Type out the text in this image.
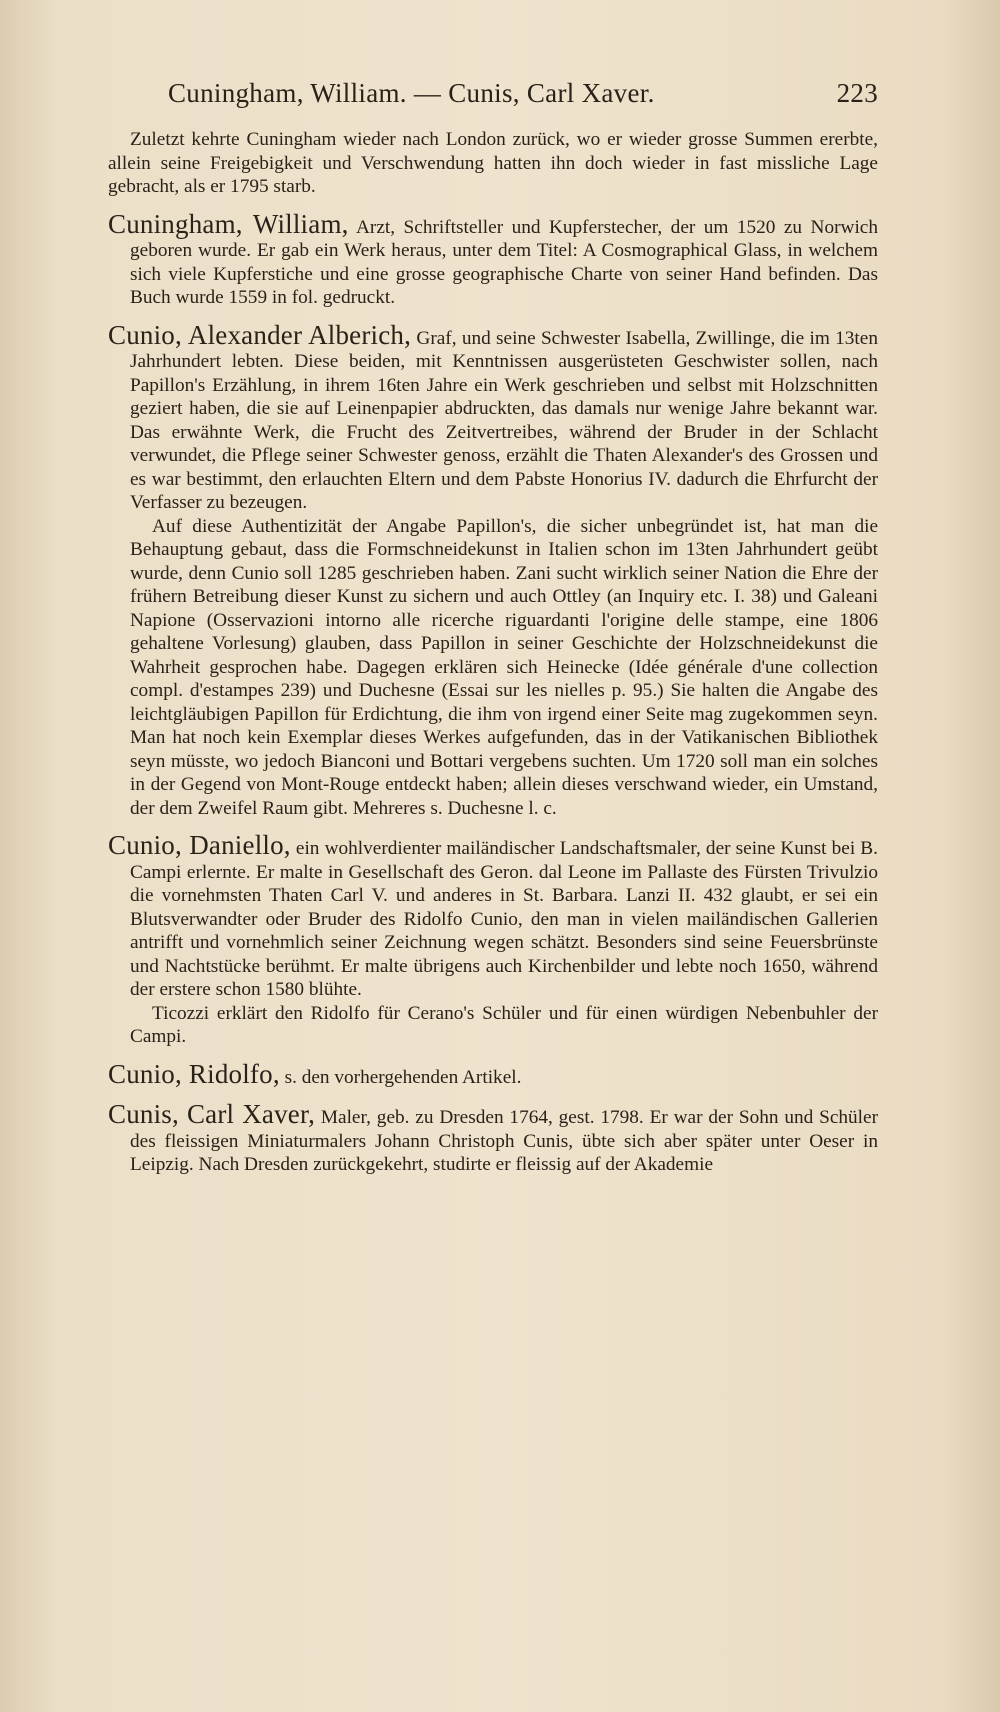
Cuningham, William. — Cunis, Carl Xaver.	223

Zuletzt kehrte Cuningham wieder nach London zurück, wo er wieder grosse Summen ererbte, allein seine Freigebigkeit und Verschwendung hatten ihn doch wieder in fast missliche Lage gebracht, als er 1795 starb.

Cuningham, William, Arzt, Schriftsteller und Kupferstecher, der um 1520 zu Norwich geboren wurde. Er gab ein Werk heraus, unter dem Titel: A Cosmographical Glass, in welchem sich viele Kupferstiche und eine grosse geographische Charte von seiner Hand befinden. Das Buch wurde 1559 in fol. gedruckt.

Cunio, Alexander Alberich, Graf, und seine Schwester Isabella, Zwillinge, die im 13ten Jahrhundert lebten. Diese beiden, mit Kenntnissen ausgerüsteten Geschwister sollen, nach Papillon's Erzählung, in ihrem 16ten Jahre ein Werk geschrieben und selbst mit Holzschnitten geziert haben, die sie auf Leinenpapier abdruckten, das damals nur wenige Jahre bekannt war. Das erwähnte Werk, die Frucht des Zeitvertreibes, während der Bruder in der Schlacht verwundet, die Pflege seiner Schwester genoss, erzählt die Thaten Alexander's des Grossen und es war bestimmt, den erlauchten Eltern und dem Pabste Honorius IV. dadurch die Ehrfurcht der Verfasser zu bezeugen.

Auf diese Authentizität der Angabe Papillon's, die sicher unbegründet ist, hat man die Behauptung gebaut, dass die Formschneidekunst in Italien schon im 13ten Jahrhundert geübt wurde, denn Cunio soll 1285 geschrieben haben. Zani sucht wirklich seiner Nation die Ehre der frühern Betreibung dieser Kunst zu sichern und auch Ottley (an Inquiry etc. I. 38) und Galeani Napione (Osservazioni intorno alle ricerche riguardanti l'origine delle stampe, eine 1806 gehaltene Vorlesung) glauben, dass Papillon in seiner Geschichte der Holzschneidekunst die Wahrheit gesprochen habe. Dagegen erklären sich Heinecke (Idée générale d'une collection compl. d'estampes 239) und Duchesne (Essai sur les nielles p. 95.) Sie halten die Angabe des leichtgläubigen Papillon für Erdichtung, die ihm von irgend einer Seite mag zugekommen seyn. Man hat noch kein Exemplar dieses Werkes aufgefunden, das in der Vatikanischen Bibliothek seyn müsste, wo jedoch Bianconi und Bottari vergebens suchten. Um 1720 soll man ein solches in der Gegend von Mont-Rouge entdeckt haben; allein dieses verschwand wieder, ein Umstand, der dem Zweifel Raum gibt. Mehreres s. Duchesne l. c.

Cunio, Daniello, ein wohlverdienter mailändischer Landschaftsmaler, der seine Kunst bei B. Campi erlernte. Er malte in Gesellschaft des Geron. dal Leone im Pallaste des Fürsten Trivulzio die vornehmsten Thaten Carl V. und anderes in St. Barbara. Lanzi II. 432 glaubt, er sei ein Blutsverwandter oder Bruder des Ridolfo Cunio, den man in vielen mailändischen Gallerien antrifft und vornehmlich seiner Zeichnung wegen schätzt. Besonders sind seine Feuersbrünste und Nachtstücke berühmt. Er malte übrigens auch Kirchenbilder und lebte noch 1650, während der erstere schon 1580 blühte.

Ticozzi erklärt den Ridolfo für Cerano's Schüler und für einen würdigen Nebenbuhler der Campi.

Cunio, Ridolfo, s. den vorhergehenden Artikel.

Cunis, Carl Xaver, Maler, geb. zu Dresden 1764, gest. 1798. Er war der Sohn und Schüler des fleissigen Miniaturmalers Johann Christoph Cunis, übte sich aber später unter Oeser in Leipzig. Nach Dresden zurückgekehrt, studirte er fleissig auf der Akademie
